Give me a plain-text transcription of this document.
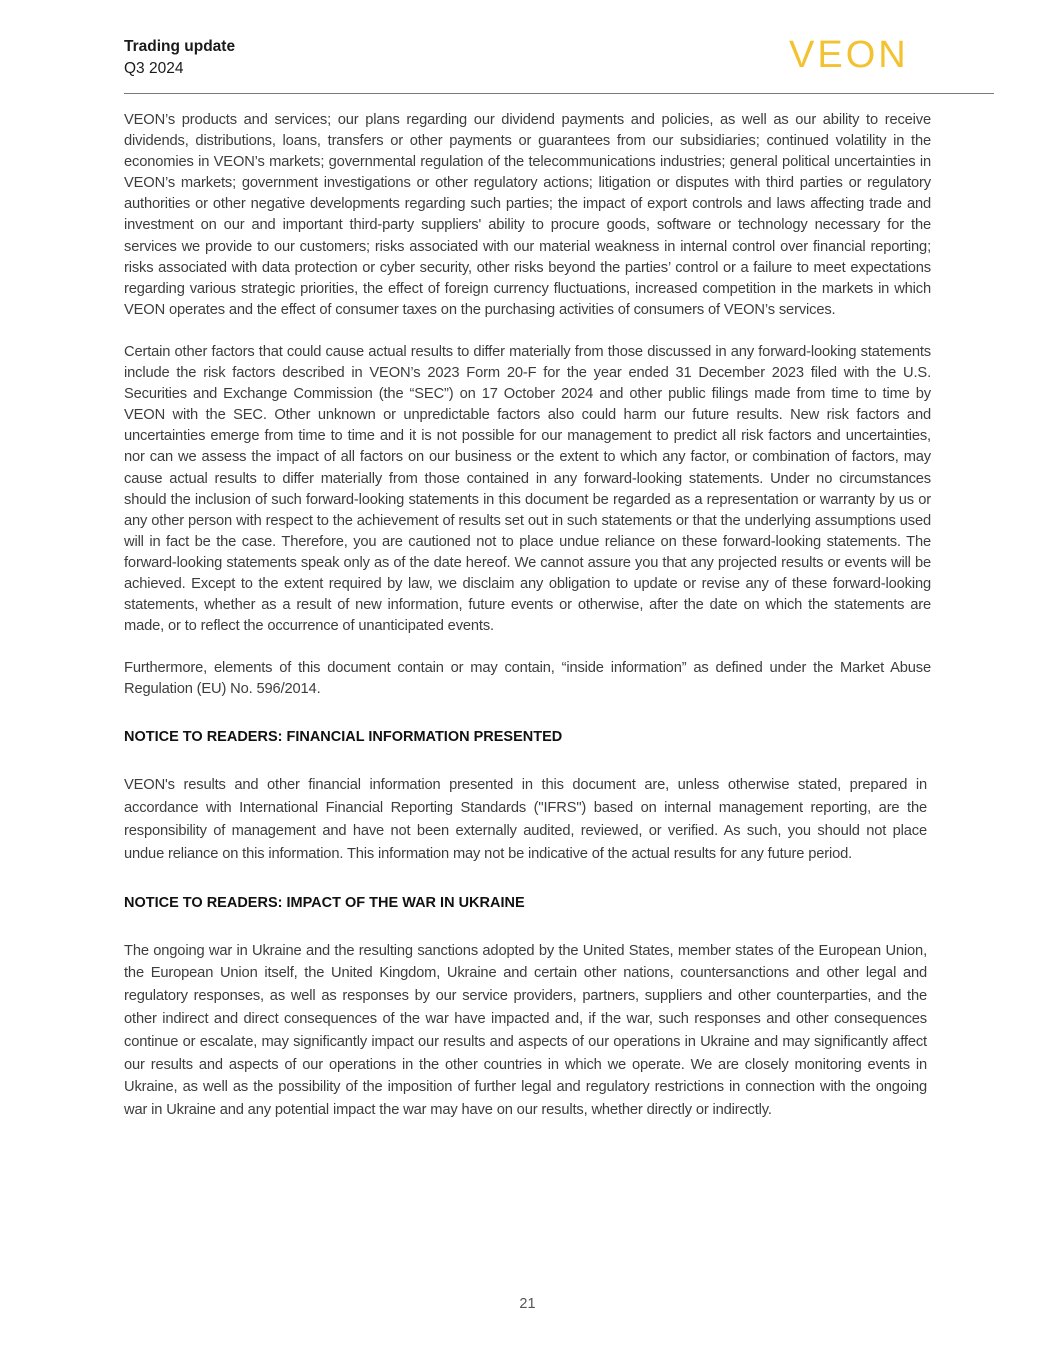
Trading update
Q3 2024	VEON

VEON’s products and services; our plans regarding our dividend payments and policies, as well as our ability to receive dividends, distributions, loans, transfers or other payments or guarantees from our subsidiaries; continued volatility in the economies in VEON’s markets; governmental regulation of the telecommunications industries; general political uncertainties in VEON’s markets; government investigations or other regulatory actions; litigation or disputes with third parties or regulatory authorities or other negative developments regarding such parties; the impact of export controls and laws affecting trade and investment on our and important third-party suppliers' ability to procure goods, software or technology necessary for the services we provide to our customers; risks associated with our material weakness in internal control over financial reporting; risks associated with data protection or cyber security, other risks beyond the parties’ control or a failure to meet expectations regarding various strategic priorities, the effect of foreign currency fluctuations, increased competition in the markets in which VEON operates and the effect of consumer taxes on the purchasing activities of consumers of VEON’s services.

Certain other factors that could cause actual results to differ materially from those discussed in any forward-looking statements include the risk factors described in VEON’s 2023 Form 20-F for the year ended 31 December 2023 filed with the U.S. Securities and Exchange Commission (the “SEC”) on 17 October 2024 and other public filings made from time to time by VEON with the SEC. Other unknown or unpredictable factors also could harm our future results. New risk factors and uncertainties emerge from time to time and it is not possible for our management to predict all risk factors and uncertainties, nor can we assess the impact of all factors on our business or the extent to which any factor, or combination of factors, may cause actual results to differ materially from those contained in any forward-looking statements. Under no circumstances should the inclusion of such forward-looking statements in this document be regarded as a representation or warranty by us or any other person with respect to the achievement of results set out in such statements or that the underlying assumptions used will in fact be the case. Therefore, you are cautioned not to place undue reliance on these forward-looking statements. The forward-looking statements speak only as of the date hereof. We cannot assure you that any projected results or events will be achieved. Except to the extent required by law, we disclaim any obligation to update or revise any of these forward-looking statements, whether as a result of new information, future events or otherwise, after the date on which the statements are made, or to reflect the occurrence of unanticipated events.

Furthermore, elements of this document contain or may contain, “inside information” as defined under the Market Abuse Regulation (EU) No. 596/2014.

NOTICE TO READERS: FINANCIAL INFORMATION PRESENTED

VEON's results and other financial information presented in this document are, unless otherwise stated, prepared in accordance with International Financial Reporting Standards ("IFRS") based on internal management reporting, are the responsibility of management and have not been externally audited, reviewed, or verified. As such, you should not place undue reliance on this information. This information may not be indicative of the actual results for any future period.

NOTICE TO READERS: IMPACT OF THE WAR IN UKRAINE

The ongoing war in Ukraine and the resulting sanctions adopted by the United States, member states of the European Union, the European Union itself, the United Kingdom, Ukraine and certain other nations, countersanctions and other legal and regulatory responses, as well as responses by our service providers, partners, suppliers and other counterparties, and the other indirect and direct consequences of the war have impacted and, if the war, such responses and other consequences continue or escalate, may significantly impact our results and aspects of our operations in Ukraine and may significantly affect our results and aspects of our operations in the other countries in which we operate. We are closely monitoring events in Ukraine, as well as the possibility of the imposition of further legal and regulatory restrictions in connection with the ongoing war in Ukraine and any potential impact the war may have on our results, whether directly or indirectly.

21
